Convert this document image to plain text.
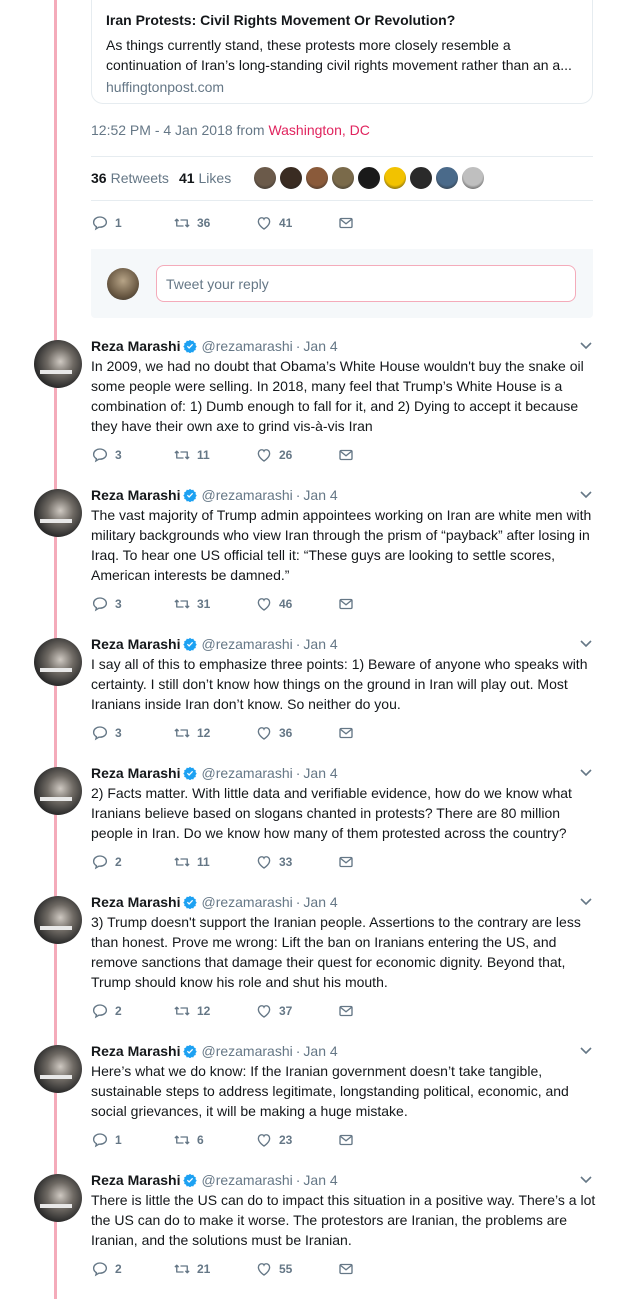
Iran Protests: Civil Rights Movement Or Revolution?
As things currently stand, these protests more closely resemble a
continuation of Iran’s long-standing civil rights movement rather than an a...
huffingtonpost.com
12:52 PM - 4 Jan 2018 from Washington, DC
36 Retweets 41 Likes
1	36	41
Tweet your reply
Reza Marashi @rezamarashi · Jan 4
In 2009, we had no doubt that Obama’s White House wouldn't buy the snake oil some people were selling. In 2018, many feel that Trump’s White House is a combination of: 1) Dumb enough to fall for it, and 2) Dying to accept it because they have their own axe to grind vis-à-vis Iran
3	11	26
Reza Marashi @rezamarashi · Jan 4
The vast majority of Trump admin appointees working on Iran are white men with military backgrounds who view Iran through the prism of “payback” after losing in Iraq. To hear one US official tell it: “These guys are looking to settle scores, American interests be damned.”
3	31	46
Reza Marashi @rezamarashi · Jan 4
I say all of this to emphasize three points: 1) Beware of anyone who speaks with certainty. I still don’t know how things on the ground in Iran will play out. Most Iranians inside Iran don’t know. So neither do you.
3	12	36
Reza Marashi @rezamarashi · Jan 4
2) Facts matter. With little data and verifiable evidence, how do we know what Iranians believe based on slogans chanted in protests? There are 80 million people in Iran. Do we know how many of them protested across the country?
2	11	33
Reza Marashi @rezamarashi · Jan 4
3) Trump doesn't support the Iranian people. Assertions to the contrary are less than honest. Prove me wrong: Lift the ban on Iranians entering the US, and remove sanctions that damage their quest for economic dignity. Beyond that, Trump should know his role and shut his mouth.
2	12	37
Reza Marashi @rezamarashi · Jan 4
Here’s what we do know: If the Iranian government doesn’t take tangible, sustainable steps to address legitimate, longstanding political, economic, and social grievances, it will be making a huge mistake.
1	6	23
Reza Marashi @rezamarashi · Jan 4
There is little the US can do to impact this situation in a positive way. There’s a lot the US can do to make it worse. The protestors are Iranian, the problems are Iranian, and the solutions must be Iranian.
2	21	55
